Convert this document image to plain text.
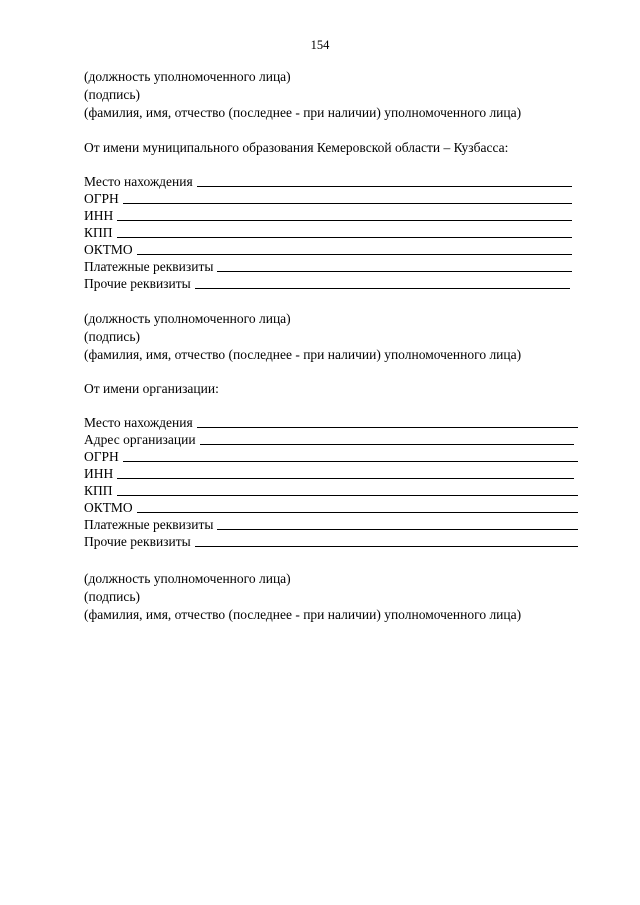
154
(должность уполномоченного лица)
(подпись)
(фамилия, имя, отчество (последнее - при наличии) уполномоченного лица)
От имени муниципального образования Кемеровской области – Кузбасса:
Место нахождения
ОГРН
ИНН
КПП
ОКТМО
Платежные реквизиты
Прочие реквизиты
(должность уполномоченного лица)
(подпись)
(фамилия, имя, отчество (последнее - при наличии) уполномоченного лица)
От имени организации:
Место нахождения
Адрес организации
ОГРН
ИНН
КПП
ОКТМО
Платежные реквизиты
Прочие реквизиты
(должность уполномоченного лица)
(подпись)
(фамилия, имя, отчество (последнее - при наличии) уполномоченного лица)
